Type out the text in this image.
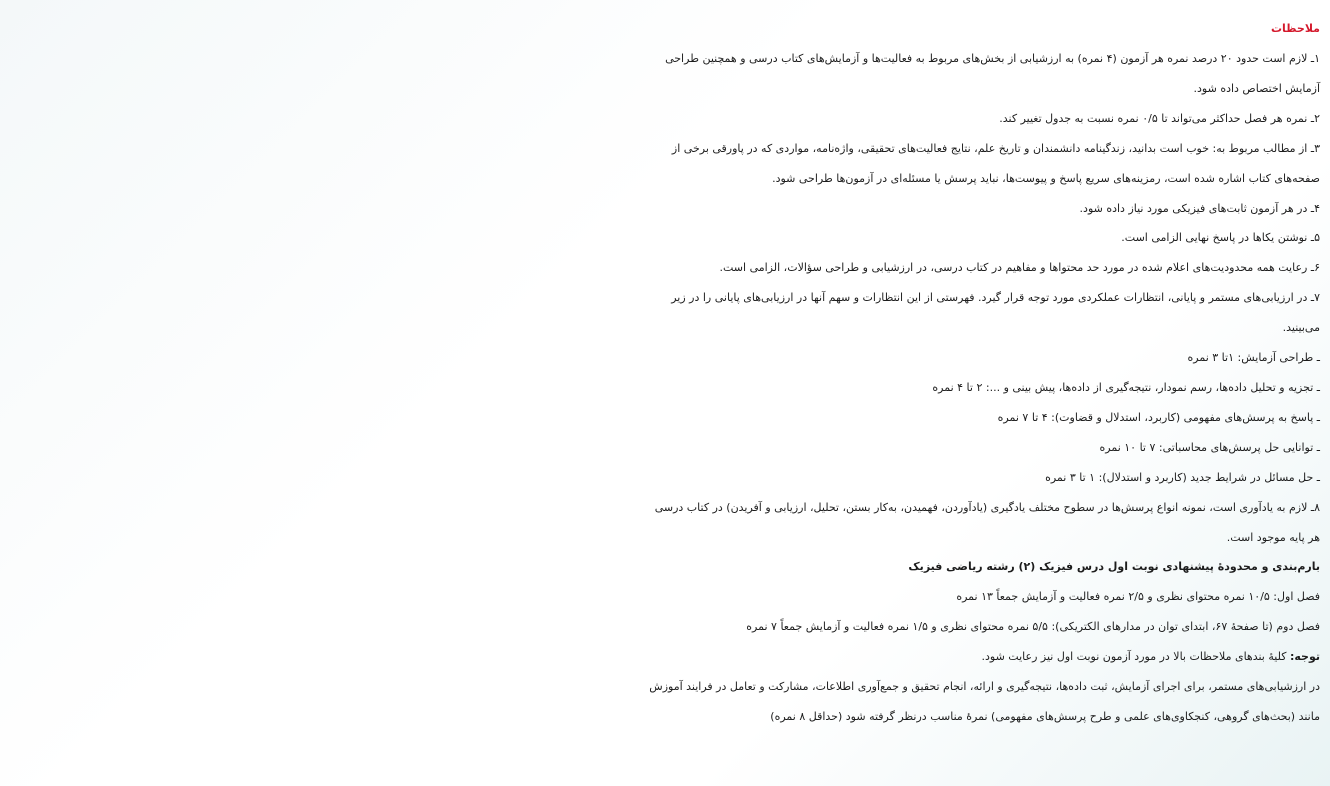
ملاحظات
۱ـ لازم است حدود ۲۰ درصد نمره هر آزمون (۴ نمره) به ارزشیابی از بخش‌های مربوط به فعالیت‌ها و آزمایش‌های کتاب درسی و همچنین طراحی
آزمایش اختصاص داده شود.
۲ـ نمره هر فصل حداکثر می‌تواند تا ۰/۵ نمره نسبت به جدول تغییر کند.
۳ـ از مطالب مربوط به: خوب است بدانید، زندگینامه دانشمندان و تاریخ علم، نتایج فعالیت‌های تحقیقی، واژه‌نامه، مواردی که در پاورقی برخی از
صفحه‌های کتاب اشاره شده است، رمزینه‌های سریع پاسخ و پیوست‌ها، نباید پرسش یا مسئله‌ای در آزمون‌ها طراحی شود.
۴ـ در هر آزمون ثابت‌های فیزیکی مورد نیاز داده شود.
۵ـ نوشتن یکاها در پاسخ نهایی الزامی است.
۶ـ رعایت همه محدودیت‌های اعلام شده در مورد حد محتواها و مفاهیم در کتاب درسی، در ارزشیابی و طراحی سؤالات، الزامی است.
۷ـ در ارزیابی‌های مستمر و پایانی، انتظارات عملکردی مورد توجه قرار گیرد. فهرستی از این انتظارات و سهم آنها در ارزیابی‌های پایانی را در زیر
می‌بینید.
ـ طراحی آزمایش: ۱تا ۳ نمره
ـ تجزیه و تحلیل داده‌ها، رسم نمودار، نتیجه‌گیری از داده‌ها، پیش بینی و ...: ۲ تا ۴ نمره
ـ پاسخ به پرسش‌های مفهومی (کاربرد، استدلال و قضاوت): ۴ تا ۷ نمره
ـ توانایی حل پرسش‌های محاسباتی: ۷ تا ۱۰ نمره
ـ حل مسائل در شرایط جدید (کاربرد و استدلال): ۱ تا ۳ نمره
۸ـ لازم به یادآوری است، نمونه انواع پرسش‌ها در سطوح مختلف یادگیری (یادآوردن، فهمیدن، به‌کار بستن، تحلیل، ارزیابی و آفریدن) در کتاب درسی
هر پایه موجود است.
بارم‌بندی و محدودهٔ پیشنهادی نوبت اول درس فیزیک (۲) رشته ریاضی فیزیک
فصل اول: ۱۰/۵ نمره محتوای نظری و ۲/۵ نمره فعالیت و آزمایش جمعاً ۱۳ نمره
فصل دوم (تا صفحهٔ ۶۷، ابتدای توان در مدارهای الکتریکی): ۵/۵ نمره محتوای نظری و ۱/۵ نمره فعالیت و آزمایش جمعاً ۷ نمره
توجه: کلیهٔ بندهای ملاحظات بالا در مورد آزمون نوبت اول نیز رعایت شود.
در ارزشیابی‌های مستمر، برای اجرای آزمایش، ثبت داده‌ها، نتیجه‌گیری و ارائه، انجام تحقیق و جمع‌آوری اطلاعات، مشارکت و تعامل در فرایند آموزش
مانند (بحث‌های گروهی، کنجکاوی‌های علمی و طرح پرسش‌های مفهومی) نمرهٔ مناسب درنظر گرفته شود (حداقل ۸ نمره)
